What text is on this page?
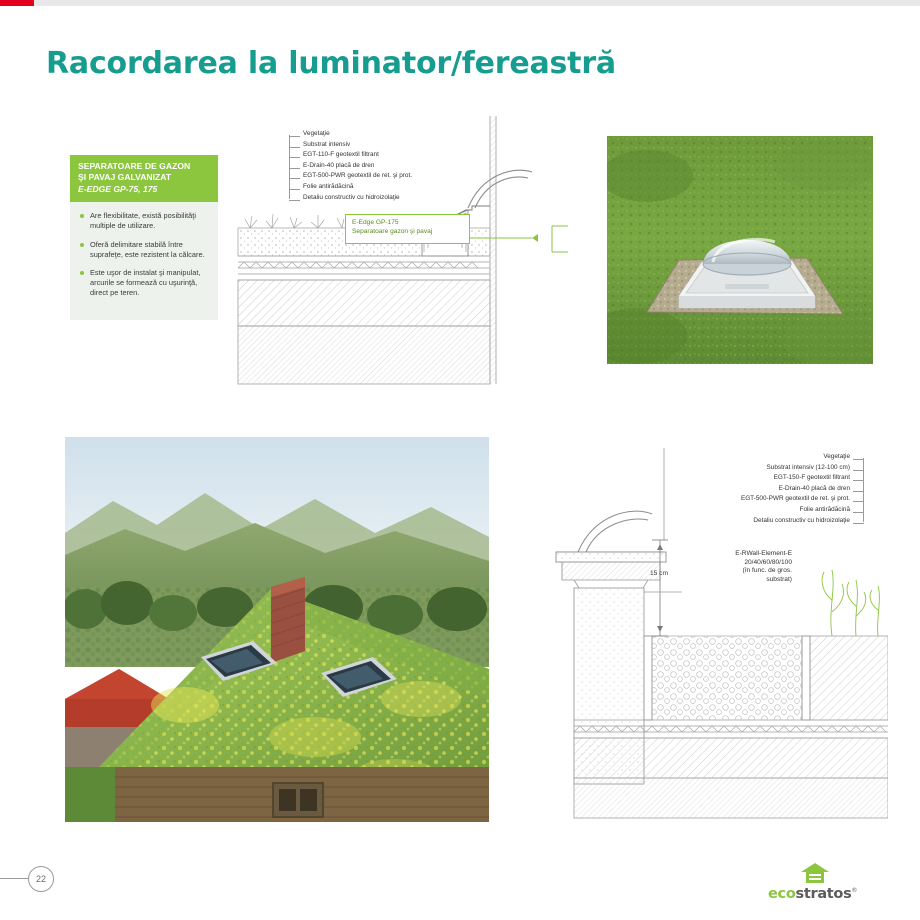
Racordarea la luminator/fereastră
SEPARATOARE DE GAZON
ŞI PAVAJ GALVANIZAT
E-EDGE GP-75, 175
Are flexibilitate, există posibilităţi multiple de utilizare.
Oferă delimitare stabilă între suprafeţe, este rezistent la călcare.
Este uşor de instalat şi manipulat, arcurile se formează cu uşurinţă, direct pe teren.
Vegetaţie
Substrat intensiv
EGT-110-F geotextil filtrant
E-Drain-40 placă de dren
EGT-500-PWR geotextil de ret. şi prot.
Folie antirădăcină
Detaliu constructiv cu hidroizolaţie
E-Edge GP-175
Separatoare gazon şi pavaj
Vegetaţie
Substrat intensiv (12-100 cm)
EGT-150-F geotextil filtrant
E-Drain-40 placă de dren
EGT-500-PWR geotextil de ret. şi prot.
Folie antirădăcină
Detaliu constructiv cu hidroizolaţie
15 cm
E-RWall-Element-E
20/40/60/80/100
(în func. de gros.
substrat)
22
ecostratos®
